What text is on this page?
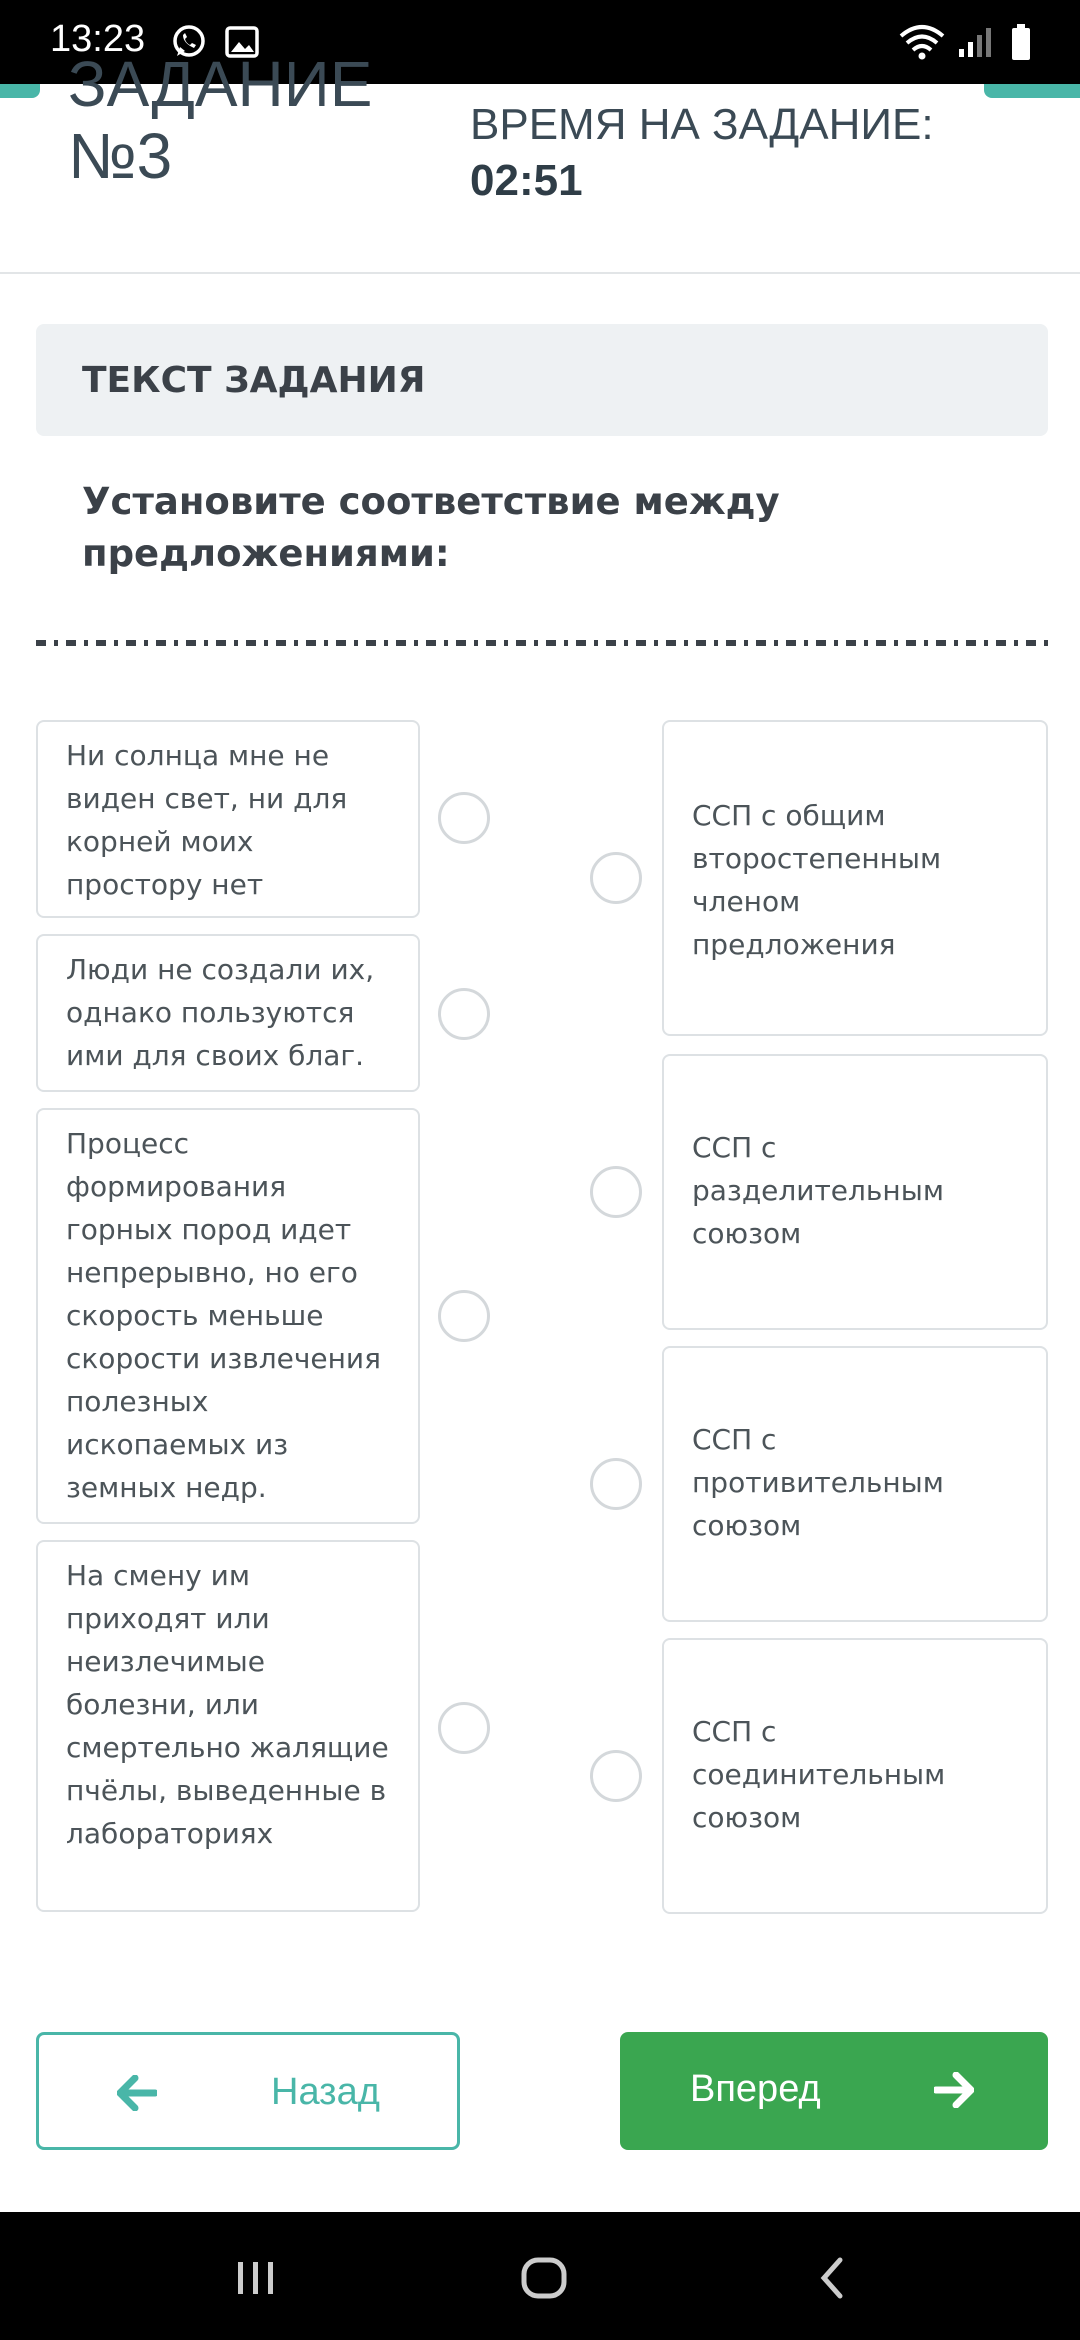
13:23
ЗАДАНИЕ
№3	ВРЕМЯ НА ЗАДАНИЕ:
02:51
ТЕКСТ ЗАДАНИЯ
Установите соответствие между предложениями:
Ни солнца мне не виден свет, ни для корней моих простору нет
Люди не создали их, однако пользуются ими для своих благ.
Процесс формирования горных пород идет непрерывно, но его скорость меньше скорости извлечения полезных ископаемых из земных недр.
На смену им приходят или неизлечимые болезни, или смертельно жалящие пчёлы, выведенные в лабораториях
ССП с общим второстепенным членом предложения
ССП с разделительным союзом
ССП с противительным союзом
ССП с соединительным союзом
Назад	Вперед
